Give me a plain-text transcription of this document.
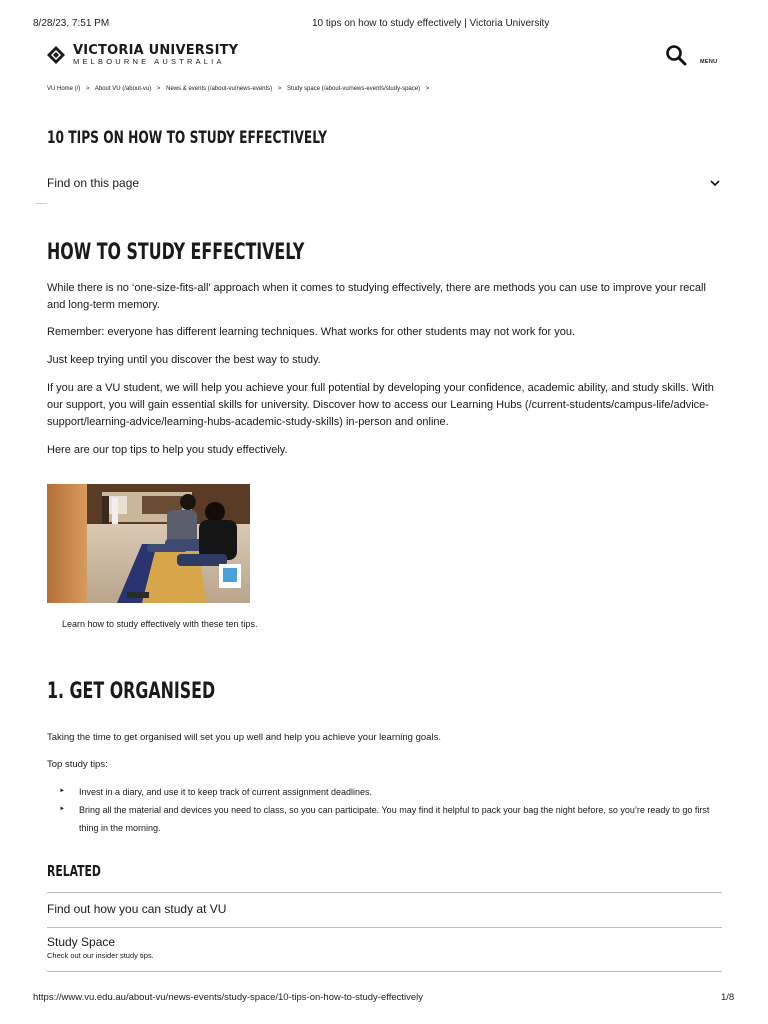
8/28/23, 7:51 PM	10 tips on how to study effectively | Victoria University
VICTORIA UNIVERSITY
MELBOURNE AUSTRALIA	MENU
VU Home (/) > About VU (/about-vu) > News & events (/about-vu/news-events) > Study space (/about-vu/news-events/study-space) >
10 TIPS ON HOW TO STUDY EFFECTIVELY
Find on this page
HOW TO STUDY EFFECTIVELY
While there is no ‘one-size-fits-all’ approach when it comes to studying effectively, there are methods you can use to improve your recall and long-term memory.
Remember: everyone has different learning techniques. What works for other students may not work for you.
Just keep trying until you discover the best way to study.
If you are a VU student, we will help you achieve your full potential by developing your confidence, academic ability, and study skills. With our support, you will gain essential skills for university. Discover how to access our Learning Hubs (/current-students/campus-life/advice-support/learning-advice/learning-hubs-academic-study-skills) in-person and online.
Here are our top tips to help you study effectively.
Learn how to study effectively with these ten tips.
1. GET ORGANISED
Taking the time to get organised will set you up well and help you achieve your learning goals.
Top study tips:
‣ Invest in a diary, and use it to keep track of current assignment deadlines.
‣ Bring all the material and devices you need to class, so you can participate. You may find it helpful to pack your bag the night before, so you’re ready to go first thing in the morning.
RELATED
Find out how you can study at VU
Study Space
Check out our insider study tips.
https://www.vu.edu.au/about-vu/news-events/study-space/10-tips-on-how-to-study-effectively	1/8
